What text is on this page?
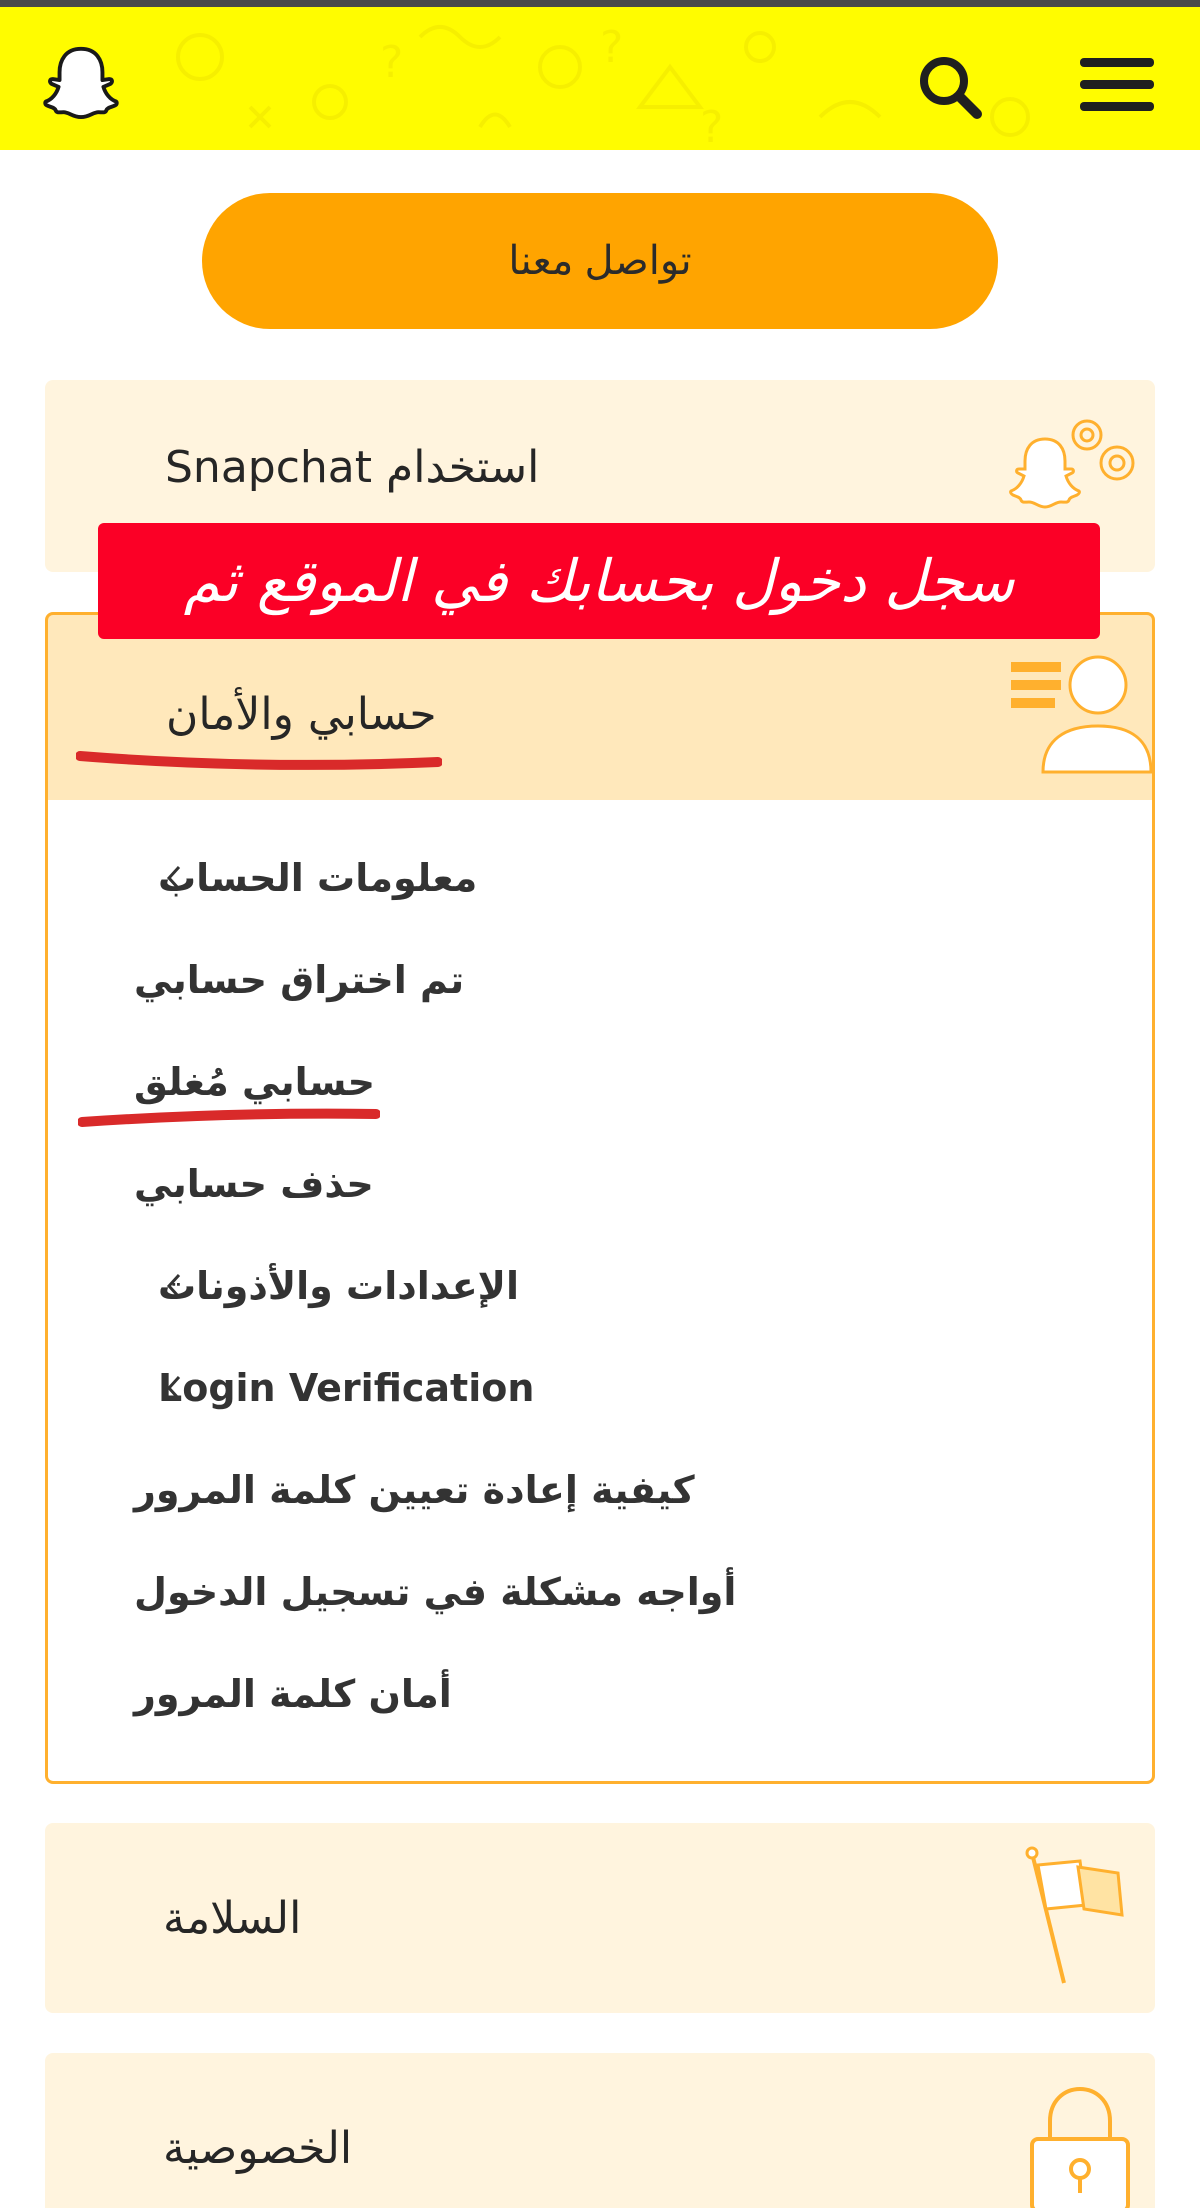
?
?
?
تواصل معنا
استخدام Snapchat
حسابي والأمان
سجل دخول بحسابك في الموقع ثم
معلومات الحساب
تم اختراق حسابي
حسابي مُغلق
حذف حسابي
الإعدادات والأذونات
Login Verification
كيفية إعادة تعيين كلمة المرور
أواجه مشكلة في تسجيل الدخول
أمان كلمة المرور
السلامة
الخصوصية
